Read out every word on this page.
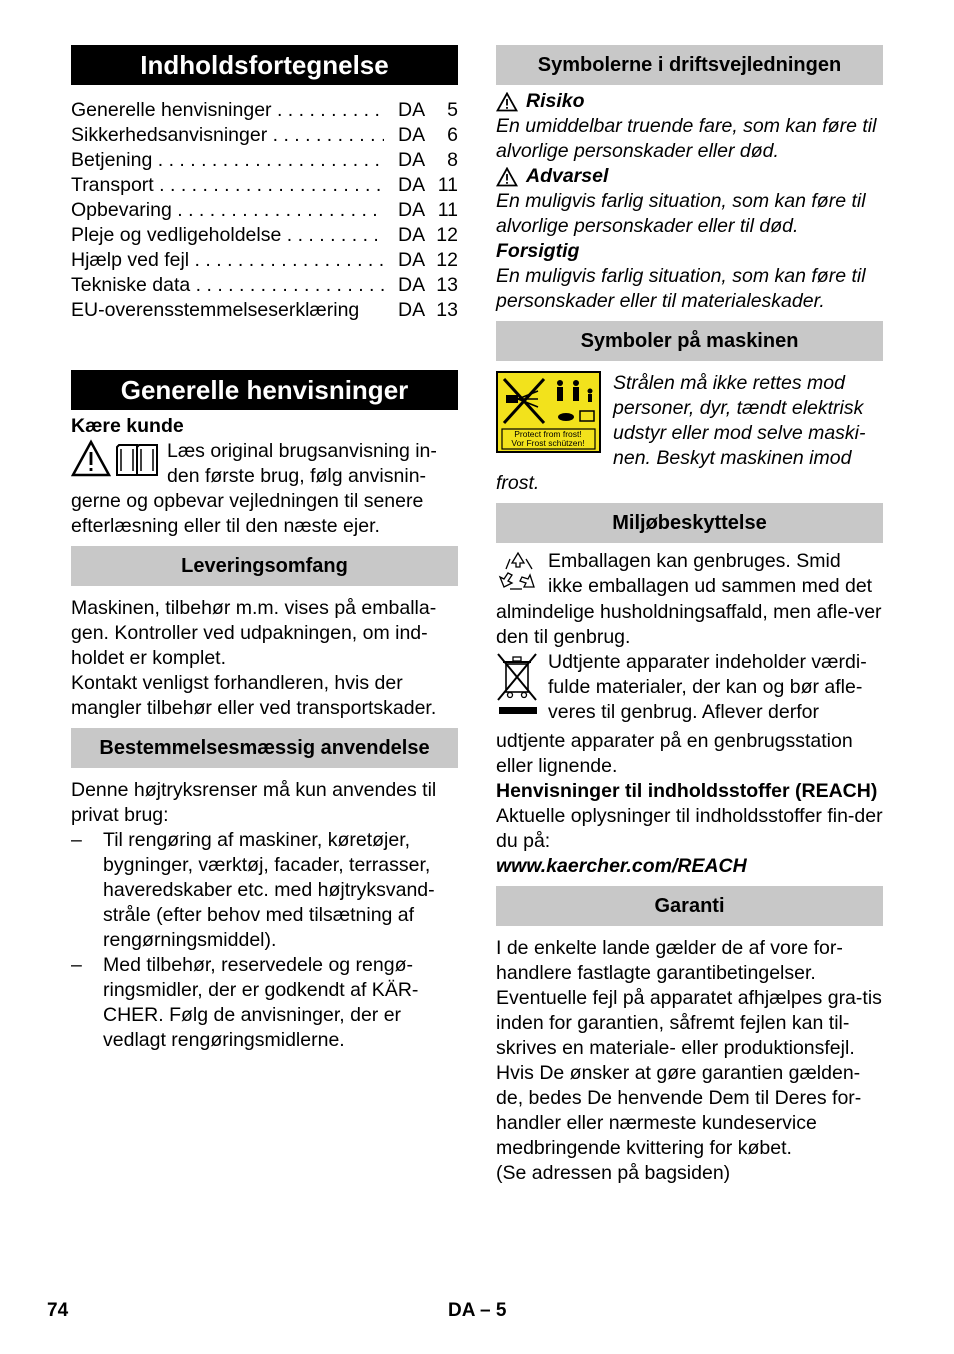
Indholdsfortegnelse
Generelle henvisninger . . .	DA	5
Sikkerhedsanvisninger . . .	DA	6
Betjening . . .	DA	8
Transport . . .	DA 11
Opbevaring . . .	DA 11
Pleje og vedligeholdelse . . .	DA 12
Hjælp ved fejl . . .	DA 12
Tekniske data . . .	DA 13
EU-overensstemmelseserklæring	DA 13
Generelle henvisninger

Kære kunde

Læs original brugsanvisning in-

den første brug, følg anvisnin-

gerne og opbevar vejledningen til senere efterlæsning eller til den næste ejer.

Leveringsomfang

Maskinen, tilbehør m.m. vises på emballa-gen. Kontroller ved udpakningen, om ind-holdet er komplet.

Kontakt venligst forhandleren, hvis der mangler tilbehør eller ved transportskader.

Bestemmelsesmæssig anvendelse

Denne højtryksrenser må kun anvendes til privat brug:

–	Til rengøring af maskiner, køretøjer, bygninger, værktøj, facader, terrasser, haveredskaber etc. med højtryksvand-stråle (efter behov med tilsætning af rengørningsmiddel).
–	Med tilbehør, reservedele og rengø-ringsmidler, der er godkendt af KÄR-CHER. Følg de anvisninger, der er vedlagt rengøringsmidlerne.
Symbolerne i driftsvejledningen
Risiko

En umiddelbar truende fare, som kan føre til alvorlige personskader eller død.

Advarsel

En muligvis farlig situation, som kan føre til alvorlige personskader eller til død.

Forsigtig

En muligvis farlig situation, som kan føre til personskader eller til materialeskader.

Symboler på maskinen
Protect from frost!
Vor Frost schützen!

Strålen må ikke rettes mod

personer, dyr, tændt elektrisk

udstyr eller mod selve maski-

nen. Beskyt maskinen imod

frost.

Miljøbeskyttelse

Emballagen kan genbruges. Smid

ikke emballagen ud sammen med det

almindelige husholdningsaffald, men afle-ver den til genbrug.

Udtjente apparater indeholder værdi-

fulde materialer, der kan og bør afle-

veres til genbrug. Aflever derfor

udtjente apparater på en genbrugsstation eller lignende.

Henvisninger til indholdsstoffer (REACH)

Aktuelle oplysninger til indholdsstoffer fin-der du på:

www.kaercher.com/REACH

Garanti

I de enkelte lande gælder de af vore for-handlere fastlagte garantibetingelser. Eventuelle fejl på apparatet afhjælpes gra-tis inden for garantien, såfremt fejlen kan til-skrives en materiale- eller produktionsfejl. Hvis De ønsker at gøre garantien gælden-de, bedes De henvende Dem til Deres for-handler eller nærmeste kundeservice medbringende kvittering for købet.

(Se adressen på bagsiden)

74	DA – 5
